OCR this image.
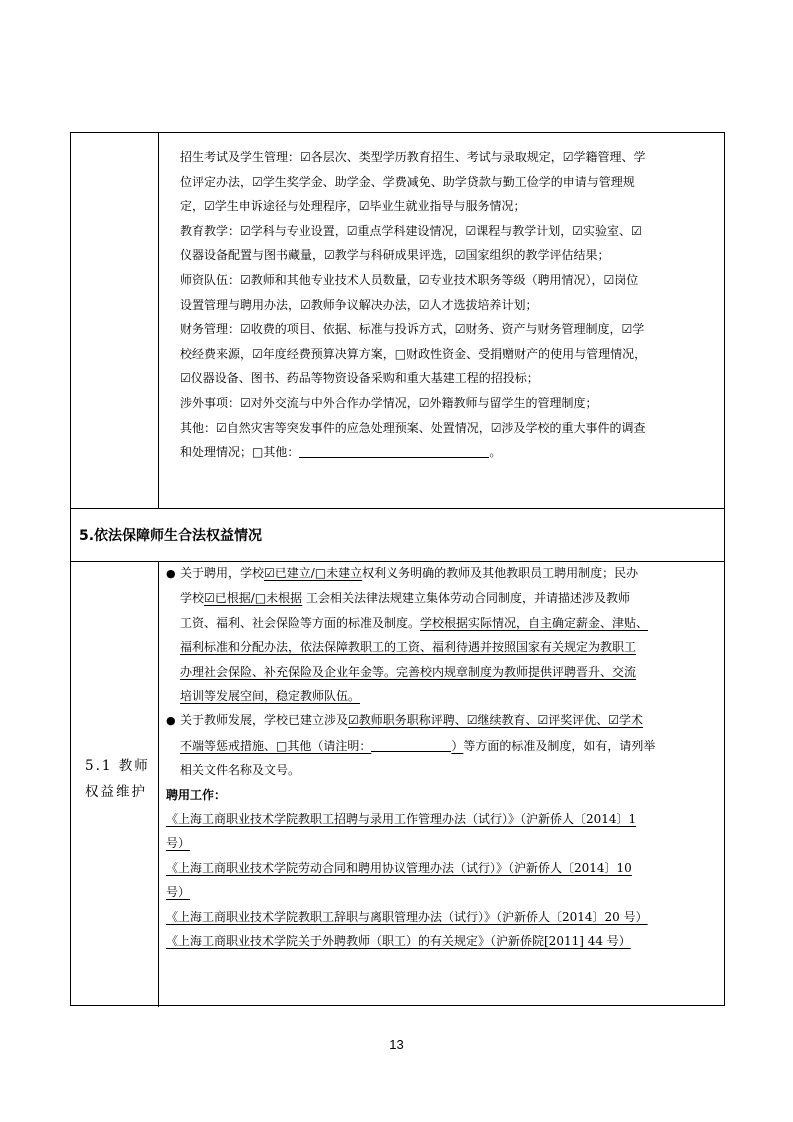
招生考试及学生管理：☑各层次、类型学历教育招生、考试与录取规定，☑学籍管理、学

位评定办法，☑学生奖学金、助学金、学费减免、助学贷款与勤工俭学的申请与管理规

定，☑学生申诉途径与处理程序，☑毕业生就业指导与服务情况；

教育教学：☑学科与专业设置，☑重点学科建设情况，☑课程与教学计划，☑实验室、☑

仪器设备配置与图书藏量，☑教学与科研成果评选，☑国家组织的教学评估结果；

师资队伍：☑教师和其他专业技术人员数量，☑专业技术职务等级（聘用情况），☑岗位

设置管理与聘用办法，☑教师争议解决办法，☑人才选拔培养计划；

财务管理：☑收费的项目、依据、标准与投诉方式，☑财务、资产与财务管理制度，☑学

校经费来源，☑年度经费预算决算方案，□财政性资金、受捐赠财产的使用与管理情况，

☑仪器设备、图书、药品等物资设备采购和重大基建工程的招投标；

涉外事项：☑对外交流与中外合作办学情况，☑外籍教师与留学生的管理制度；

其他：☑自然灾害等突发事件的应急处理预案、处置情况，☑涉及学校的重大事件的调查

和处理情况；□其他：	。

5.依法保障师生合法权益情况
5.1 教师权益维护

● 关于聘用，学校☑已建立/□未建立权利义务明确的教师及其他教职员工聘用制度；民办

学校☑已根据/□未根据 工会相关法律法规建立集体劳动合同制度，并请描述涉及教师

工资、福利、社会保险等方面的标准及制度。学校根据实际情况，自主确定薪金、津贴、

福利标准和分配办法，依法保障教职工的工资、福利待遇并按照国家有关规定为教职工

办理社会保险、补充保险及企业年金等。完善校内规章制度为教师提供评聘晋升、交流

培训等发展空间，稳定教师队伍。

● 关于教师发展，学校已建立涉及☑教师职务职称评聘、☑继续教育、☑评奖评优、☑学术

不端等惩戒措施、□其他（请注明：	）等方面的标准及制度，如有，请列举

相关文件名称及文号。

聘用工作：

《上海工商职业技术学院教职工招聘与录用工作管理办法（试行）》（沪新侨人〔2014〕1

号）

《上海工商职业技术学院劳动合同和聘用协议管理办法（试行）》（沪新侨人〔2014〕10

号）

《上海工商职业技术学院教职工辞职与离职管理办法（试行）》（沪新侨人〔2014〕20 号）

《上海工商职业技术学院关于外聘教师（职工）的有关规定》（沪新侨院[2011] 44 号）

13
